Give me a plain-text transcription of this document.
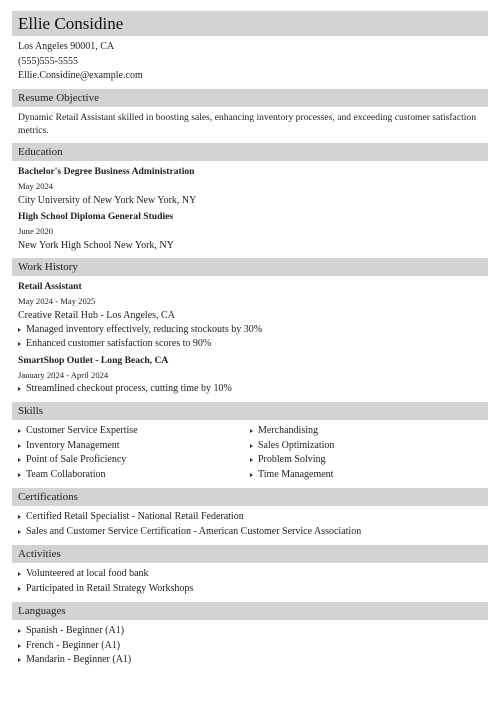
Ellie Considine
Los Angeles 90001, CA
(555)555-5555
Ellie.Considine@example.com
Resume Objective
Dynamic Retail Assistant skilled in boosting sales, enhancing inventory processes, and exceeding customer satisfaction metrics.
Education
Bachelor's Degree Business Administration
May 2024
City University of New York New York, NY
High School Diploma General Studies
June 2020
New York High School New York, NY
Work History
Retail Assistant
May 2024 - May 2025
Creative Retail Hub - Los Angeles, CA
Managed inventory effectively, reducing stockouts by 30%
Enhanced customer satisfaction scores to 90%
SmartShop Outlet - Long Beach, CA
January 2024 - April 2024
Streamlined checkout process, cutting time by 10%
Skills
Customer Service Expertise
Inventory Management
Point of Sale Proficiency
Team Collaboration
Merchandising
Sales Optimization
Problem Solving
Time Management
Certifications
Certified Retail Specialist - National Retail Federation
Sales and Customer Service Certification - American Customer Service Association
Activities
Volunteered at local food bank
Participated in Retail Strategy Workshops
Languages
Spanish - Beginner (A1)
French - Beginner (A1)
Mandarin - Beginner (A1)
